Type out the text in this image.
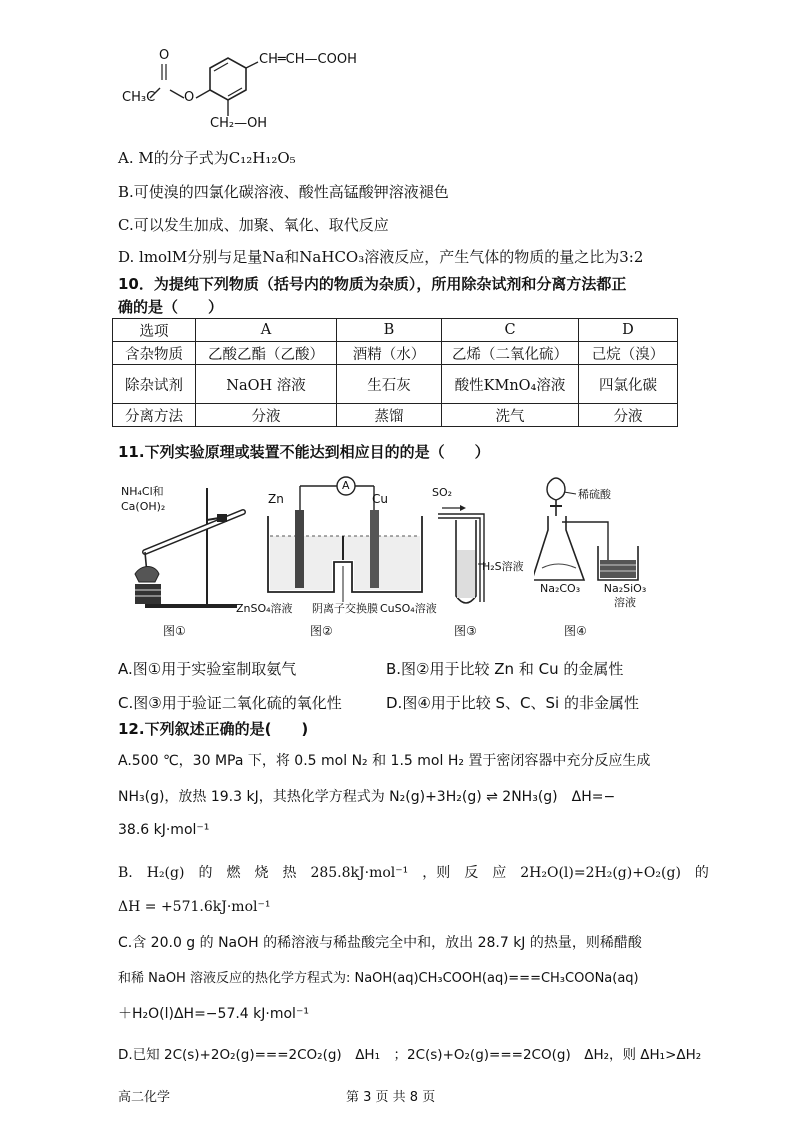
CH₃C
O
O
CH═CH—COOH
CH₂—OH
A. M的分子式为C₁₂H₁₂O₅
B.可使溴的四氯化碳溶液、酸性高锰酸钾溶液褪色
C.可以发生加成、加聚、氧化、取代反应
D. lmolM分别与足量Na和NaHCO₃溶液反应，产生气体的物质的量之比为3:2
10．为提纯下列物质（括号内的物质为杂质），所用除杂试剂和分离方法都正
确的是（　　）
选项	A	B	C	D
含杂物质	乙酸乙酯（乙酸）	酒精（水）	乙烯（二氧化硫）	己烷（溴）
除杂试剂	NaOH 溶液	生石灰	酸性KMnO₄溶液	四氯化碳
分离方法	分液	蒸馏	洗气	分液
11.下列实验原理或装置不能达到相应目的的是（　　）
NH₄Cl和 Ca(OH)₂
图①
A
Zn	Cu
ZnSO₄溶液 阴离子交换膜 CuSO₄溶液
图②
SO₂
H₂S溶液
图③
稀硫酸
Na₂CO₃ Na₂SiO₃ 溶液
图④
A.图①用于实验室制取氨气	B.图②用于比较 Zn 和 Cu 的金属性
C.图③用于验证二氧化硫的氧化性	D.图④用于比较 S、C、Si 的非金属性
12.下列叙述正确的是(　　)
A.500 ℃，30 MPa 下，将 0.5 mol N₂ 和 1.5 mol H₂ 置于密闭容器中充分反应生成
NH₃(g)，放热 19.3 kJ，其热化学方程式为 N₂(g)+3H₂(g) ⇌ 2NH₃(g)　ΔH=−
38.6 kJ·mol⁻¹
B.　H₂(g)　的　燃　烧　热　285.8kJ·mol⁻¹　，则　反　应　2H₂O(l)=2H₂(g)+O₂(g)　的
ΔH = +571.6kJ·mol⁻¹
C.含 20.0 g 的 NaOH 的稀溶液与稀盐酸完全中和，放出 28.7 kJ 的热量，则稀醋酸
和稀 NaOH 溶液反应的热化学方程式为: NaOH(aq)CH₃COOH(aq)===CH₃COONa(aq)
＋H₂O(l)ΔH=−57.4 kJ·mol⁻¹
D.已知 2C(s)+2O₂(g)===2CO₂(g)　ΔH₁　；2C(s)+O₂(g)===2CO(g)　ΔH₂，则 ΔH₁>ΔH₂
高二化学	第 3 页 共 8 页
